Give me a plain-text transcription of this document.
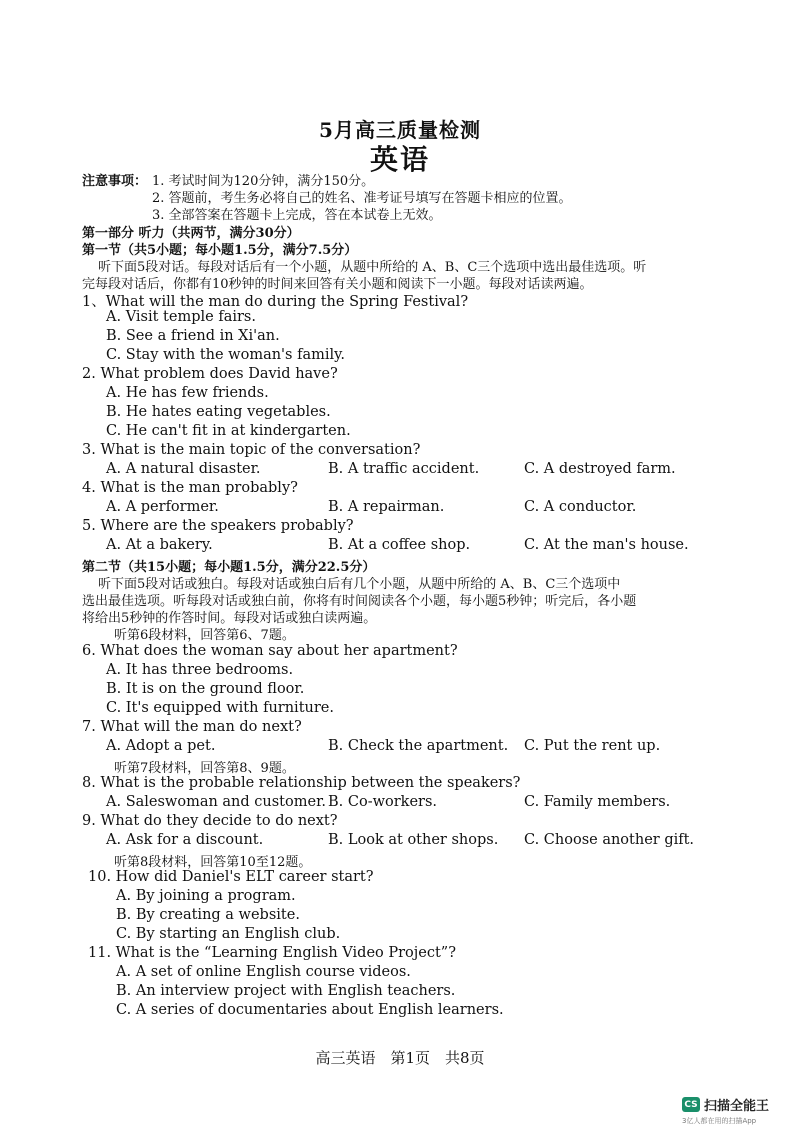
5月高三质量检测
英语
注意事项： 1. 考试时间为120分钟，满分150分。
2. 答题前，考生务必将自己的姓名、准考证号填写在答题卡相应的位置。
3. 全部答案在答题卡上完成，答在本试卷上无效。
第一部分 听力（共两节，满分30分）
第一节（共5小题；每小题1.5分，满分7.5分）
听下面5段对话。每段对话后有一个小题，从题中所给的 A、B、C三个选项中选出最佳选项。听
完每段对话后，你都有10秒钟的时间来回答有关小题和阅读下一小题。每段对话读两遍。
1、What will the man do during the Spring Festival?
A. Visit temple fairs.
B. See a friend in Xi'an.
C. Stay with the woman's family.
2. What problem does David have?
A. He has few friends.
B. He hates eating vegetables.
C. He can't fit in at kindergarten.
3. What is the main topic of the conversation?
A. A natural disaster.	B. A traffic accident.	C. A destroyed farm.
4. What is the man probably?
A. A performer.	B. A repairman.	C. A conductor.
5. Where are the speakers probably?
A. At a bakery.	B. At a coffee shop.	C. At the man's house.
第二节（共15小题；每小题1.5分，满分22.5分）
听下面5段对话或独白。每段对话或独白后有几个小题，从题中所给的 A、B、C三个选项中
选出最佳选项。听每段对话或独白前，你将有时间阅读各个小题，每小题5秒钟；听完后，各小题
将给出5秒钟的作答时间。每段对话或独白读两遍。
听第6段材料，回答第6、7题。
6. What does the woman say about her apartment?
A. It has three bedrooms.
B. It is on the ground floor.
C. It's equipped with furniture.
7. What will the man do next?
A. Adopt a pet.	B. Check the apartment. C. Put the rent up.
听第7段材料，回答第8、9题。
8. What is the probable relationship between the speakers?
A. Saleswoman and customer. B. Co-workers.	C. Family members.
9. What do they decide to do next?
A. Ask for a discount.	B. Look at other shops. C. Choose another gift.
听第8段材料，回答第10至12题。
10. How did Daniel's ELT career start?
A. By joining a program.
B. By creating a website.
C. By starting an English club.
11. What is the “Learning English Video Project”?
A. A set of online English course videos.
B. An interview project with English teachers.
C. A series of documentaries about English learners.
高三英语　第1页　共8页
CS 扫描全能王
3亿人都在用的扫描App
